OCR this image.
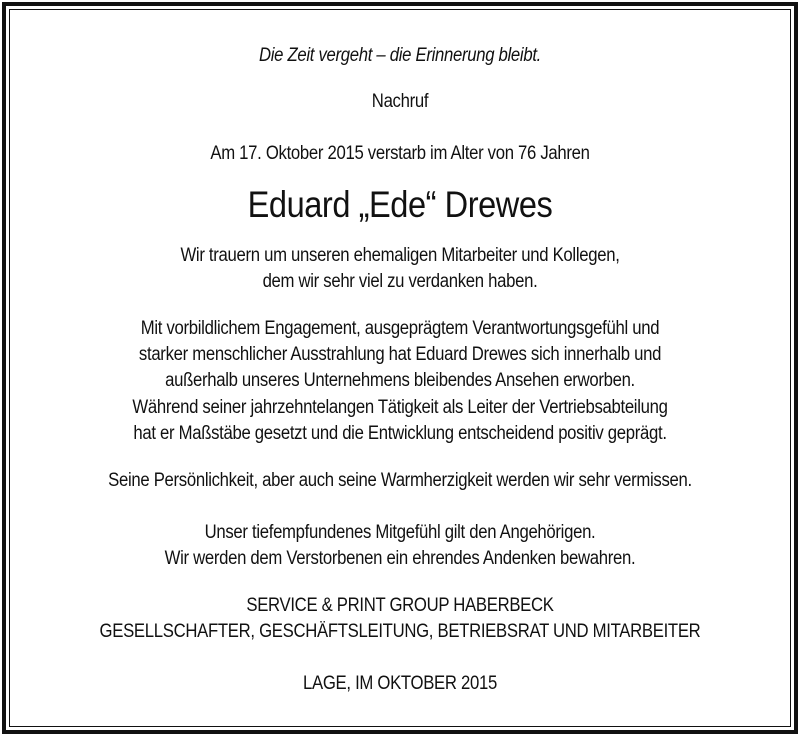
Die Zeit vergeht – die Erinnerung bleibt.
Nachruf
Am 17. Oktober 2015 verstarb im Alter von 76 Jahren
Eduard „Ede“ Drewes
Wir trauern um unseren ehemaligen Mitarbeiter und Kollegen,
dem wir sehr viel zu verdanken haben.
Mit vorbildlichem Engagement, ausgeprägtem Verantwortungsgefühl und
starker menschlicher Ausstrahlung hat Eduard Drewes sich innerhalb und
außerhalb unseres Unternehmens bleibendes Ansehen erworben.
Während seiner jahrzehntelangen Tätigkeit als Leiter der Vertriebsabteilung
hat er Maßstäbe gesetzt und die Entwicklung entscheidend positiv geprägt.
Seine Persönlichkeit, aber auch seine Warmherzigkeit werden wir sehr vermissen.
Unser tiefempfundenes Mitgefühl gilt den Angehörigen.
Wir werden dem Verstorbenen ein ehrendes Andenken bewahren.
SERVICE & PRINT GROUP HABERBECK
GESELLSCHAFTER, GESCHÄFTSLEITUNG, BETRIEBSRAT UND MITARBEITER
LAGE, IM OKTOBER 2015
